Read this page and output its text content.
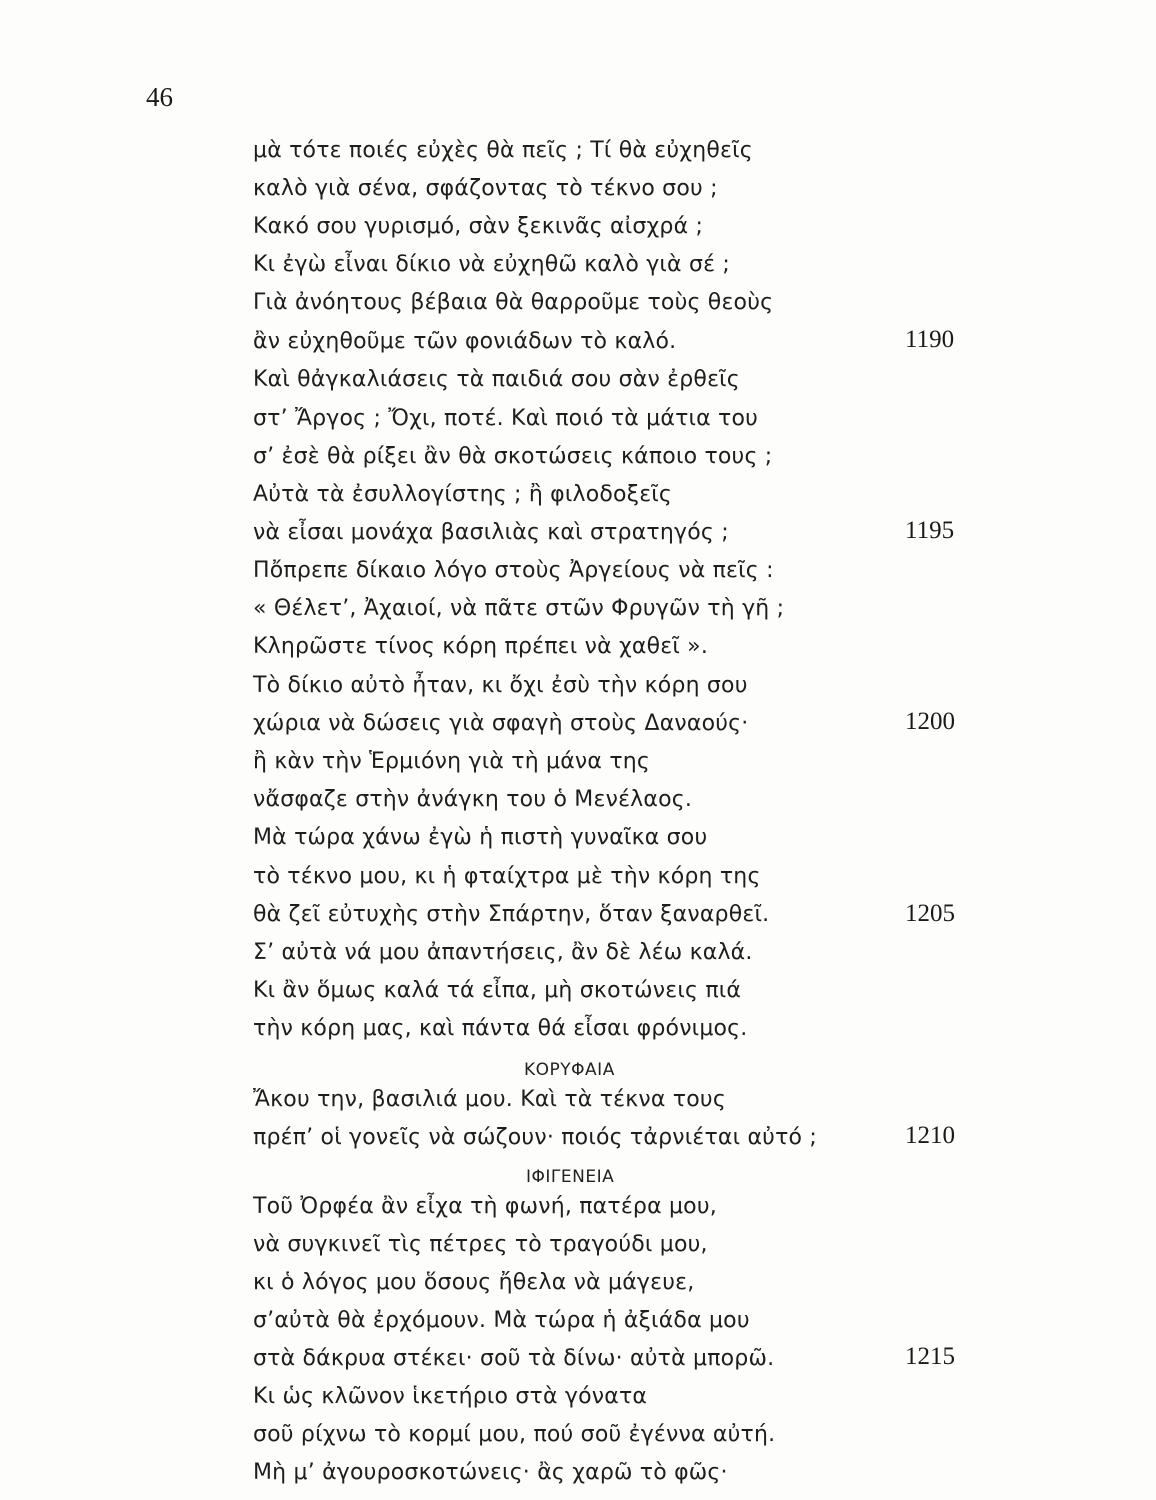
46
μὰ τότε ποιές εὐχὲς θὰ πεῖς ; Τί θὰ εὐχηθεῖς
καλὸ γιὰ σένα, σφάζοντας τὸ τέκνο σου ;
Κακό σου γυρισμό, σὰν ξεκινᾶς αἰσχρά ;
Κι ἐγὼ εἶναι δίκιο νὰ εὐχηθῶ καλὸ γιὰ σέ ;
Γιὰ ἀνόητους βέβαια θὰ θαρροῦμε τοὺς θεοὺς
ἂν εὐχηθοῦμε τῶν φονιάδων τὸ καλό.
Καὶ θἀγκαλιάσεις τὰ παιδιά σου σὰν ἐρθεῖς
στ’ Ἄργος ; Ὄχι, ποτέ. Καὶ ποιό τὰ μάτια του
σ’ ἐσὲ θὰ ρίξει ἂν θὰ σκοτώσεις κάποιο τους ;
Αὐτὰ τὰ ἐσυλλογίστης ; ἢ φιλοδοξεῖς
νὰ εἶσαι μονάχα βασιλιὰς καὶ στρατηγός ;
Πὄπρεπε δίκαιο λόγο στοὺς Ἀργείους νὰ πεῖς :
« Θέλετ’, Ἀχαιοί, νὰ πᾶτε στῶν Φρυγῶν τὴ γῆ ;
Κληρῶστε τίνος κόρη πρέπει νὰ χαθεῖ ».
Τὸ δίκιο αὐτὸ ἦταν, κι ὄχι ἐσὺ τὴν κόρη σου
χώρια νὰ δώσεις γιὰ σφαγὴ στοὺς Δαναούς·
ἢ κὰν τὴν Ἑρμιόνη γιὰ τὴ μάνα της
νἄσφαζε στὴν ἀνάγκη του ὁ Μενέλαος.
Μὰ τώρα χάνω ἐγὼ ἡ πιστὴ γυναῖκα σου
τὸ τέκνο μου, κι ἡ φταίχτρα μὲ τὴν κόρη της
θὰ ζεῖ εὐτυχὴς στὴν Σπάρτην, ὅταν ξαναρθεῖ.
Σ’ αὐτὰ νά μου ἀπαντήσεις, ἂν δὲ λέω καλά.
Κι ἂν ὅμως καλά τά εἶπα, μὴ σκοτώνεις πιά
τὴν κόρη μας, καὶ πάντα θά εἶσαι φρόνιμος.
ΚΟΡΥΦΑΙΑ
Ἄκου την, βασιλιά μου. Καὶ τὰ τέκνα τους
πρέπ’ οἱ γονεῖς νὰ σώζουν· ποιός τἀρνιέται αὐτό ;
ΙΦΙΓΕΝΕΙΑ
Τοῦ Ὀρφέα ἂν εἶχα τὴ φωνή, πατέρα μου,
νὰ συγκινεῖ τὶς πέτρες τὸ τραγούδι μου,
κι ὁ λόγος μου ὅσους ἤθελα νὰ μάγευε,
σ’αὐτὰ θὰ ἐρχόμουν. Μὰ τώρα ἡ ἀξιάδα μου
στὰ δάκρυα στέκει· σοῦ τὰ δίνω· αὐτὰ μπορῶ.
Κι ὡς κλῶνον ἱκετήριο στὰ γόνατα
σοῦ ρίχνω τὸ κορμί μου, πού σοῦ ἐγέννα αὐτή.
Μὴ μ’ ἀγουροσκοτώνεις· ἂς χαρῶ τὸ φῶς·
1190
1195
1200
1205
1210
1215
